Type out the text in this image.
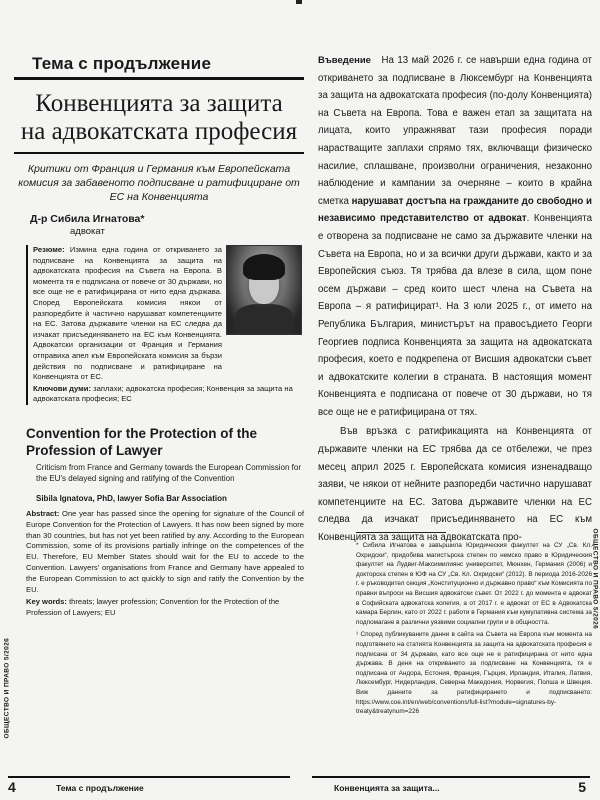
Тема с продължение
Конвенцията за защита
на адвокатската професия
Критики от Франция и Германия към Европейската комисия за забавеното подписване и ратифициране от ЕС на Конвенцията
Д-р Сибила Игнатова*
адвокат
Резюме: Измина една година от откриването за подписване на Конвенцията за защита на адвокатската професия на Съвета на Европа. В момента тя е подписана от повече от 30 държави, но все още не е ратифицирана от нито една държава. Според Европейската комисия някои от разпоредбите ѝ частично нарушават компетенциите на ЕС. Затова държавите членки на ЕС следва да изчакат присъединяването на ЕС към Конвенцията. Адвокатски организации от Франция и Германия отправиха апел към Европейската комисия за бързи действия по подписване и ратифициране на Конвенцията от ЕС.
Ключови думи: заплахи; адвокатска професия; Конвенция за защита на адвокатската професия; ЕС
Convention for the Protection of the Profession of Lawyer
Criticism from France and Germany towards the European Commission for the EU's delayed signing and ratifying of the Convention
Sibila Ignatova, PhD, lawyer Sofia Bar Association
Abstract: One year has passed since the opening for signature of the Council of Europe Convention for the Protection of Lawyers. It has now been signed by more than 30 countries, but has not yet been ratified by any. According to the European Commission, some of its provisions partially infringe on the competences of the EU. Therefore, EU Member States should wait for the EU to accede to the Convention. Lawyers' organisations from France and Germany have appealed to the European Commission to act quickly to sign and ratify the Convention by the EU.
Key words: threats; lawyer profession; Convention for the Protection of the Profession of Lawyers; EU
Въведение На 13 май 2026 г. се навърши една година от откриването за подписване в Люксембург на Конвенцията за защита на адвокатската професия (по-долу Конвенцията) на Съвета на Европа. Това е важен етап за защитата на лицата, които упражняват тази професия поради нарастващите заплахи спрямо тях, включващи физическо насилие, сплашване, произволни ограничения, незаконно наблюдение и кампании за очерняне – които в крайна сметка нарушават достъпа на гражданите до свободно и независимо представителство от адвокат. Конвенцията е отворена за подписване не само за държавите членки на Съвета на Европа, но и за всички други държави, както и за Европейския съюз. Тя трябва да влезе в сила, щом поне осем държави – сред които шест члена на Съвета на Европа – я ратифицират¹. На 3 юли 2025 г., от името на Република България, министърът на правосъдието Георги Георгиев подписа Конвенцията за защита на адвокатската професия, което е подкрепена от Висшия адвокатски съвет и адвокатските колегии в страната. В настоящия момент Конвенцията е подписана от повече от 30 държави, но тя все още не е ратифицирана от тях.
Във връзка с ратификацията на Конвенцията от държавите членки на ЕС трябва да се отбележи, че през месец април 2025 г. Европейската комисия изненадващо заяви, че някои от нейните разпоредби частично нарушават компетенциите на ЕС. Затова държавите членки на ЕС следва да изчакат присъединяването на ЕС към Конвенцията за защита на адвокатската про-
* Сибила Игнатова е завършила Юридическия факултет на СУ „Св. Кл. Охридски“, придобива магистърска степен по немско право в Юридическия факултет на Лудвиг-Максимилиянс университет, Мюнхен, Германия (2006) и докторска степен в ЮФ на СУ „Св. Кл. Охридски“ (2012). В периода 2016-2026 г. е ръководител секция „Конституционно и държавно право“ към Комисията по правни въпроси на Висшия адвокатски съвет. От 2022 г. до момента е адвокат в Софийската адвокатска колегия, а от 2017 г. е адвокат от ЕС в Адвокатска камара Берлин, като от 2022 г. работи в Германия към кумулативна система за подпомагане в различни уязвими социални групи и в общността.
¹ Според публикуваните данни в сайта на Съвета на Европа към момента на подготвянето на статията Конвенцията за защита на адвокатската професия е подписана от 34 държави, като все още не е ратифицирана от нито една държава. В деня на откриването за подписване на Конвенцията, тя е подписана от Андора, Естония, Франция, Гърция, Ирландия, Италия, Латвия, Люксембург, Нидерландия, Северна Македония, Норвегия, Полша и Швеция. Виж данните за ратифицирането и подписването: https://www.coe.int/en/web/conventions/full-list?module=signatures-by-treaty&treatynum=226
ОБЩЕСТВО И ПРАВО 5/2026
ОБЩЕСТВО И ПРАВО 5/2026
4	Тема с продължение	Конвенцията за защита...	5
